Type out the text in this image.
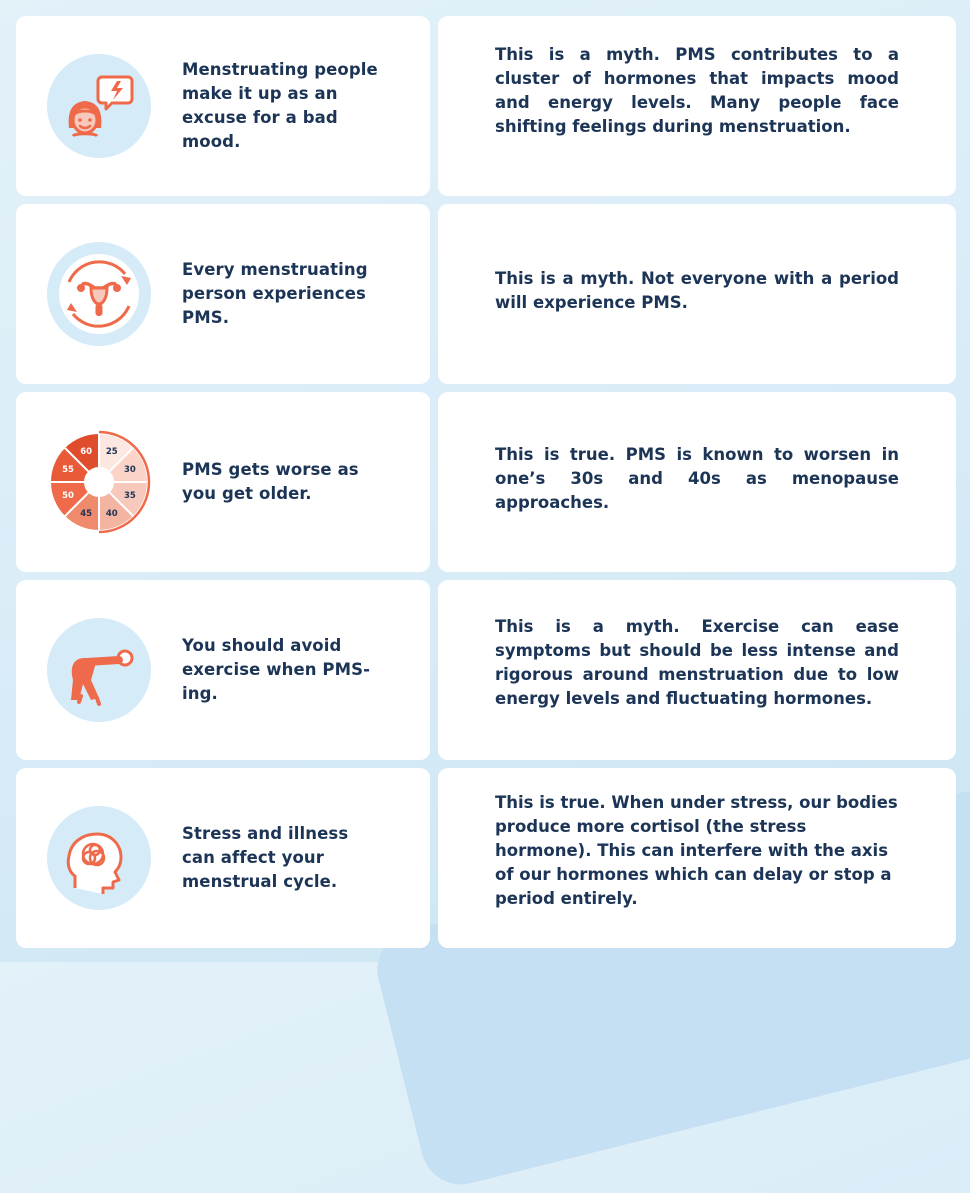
Menstruating people make it up as an excuse for a bad mood.
This is a myth. PMS contributes to a cluster of hormones that impacts mood and energy levels. Many people face shifting feelings during menstruation.
Every menstruating person experiences PMS.
This is a myth. Not everyone with a period will experience PMS.
25
30
35
40
45
50
55
60
PMS gets worse as you get older.
This is true. PMS is known to worsen in one’s 30s and 40s as menopause approaches.
You should avoid exercise when PMS-ing.
This is a myth. Exercise can ease symptoms but should be less intense and rigorous around menstruation due to low energy levels and fluctuating hormones.
Stress and illness can affect your menstrual cycle.
This is true. When under stress, our bodies produce more cortisol (the stress hormone). This can interfere with the axis of our hormones which can delay or stop a period entirely.
